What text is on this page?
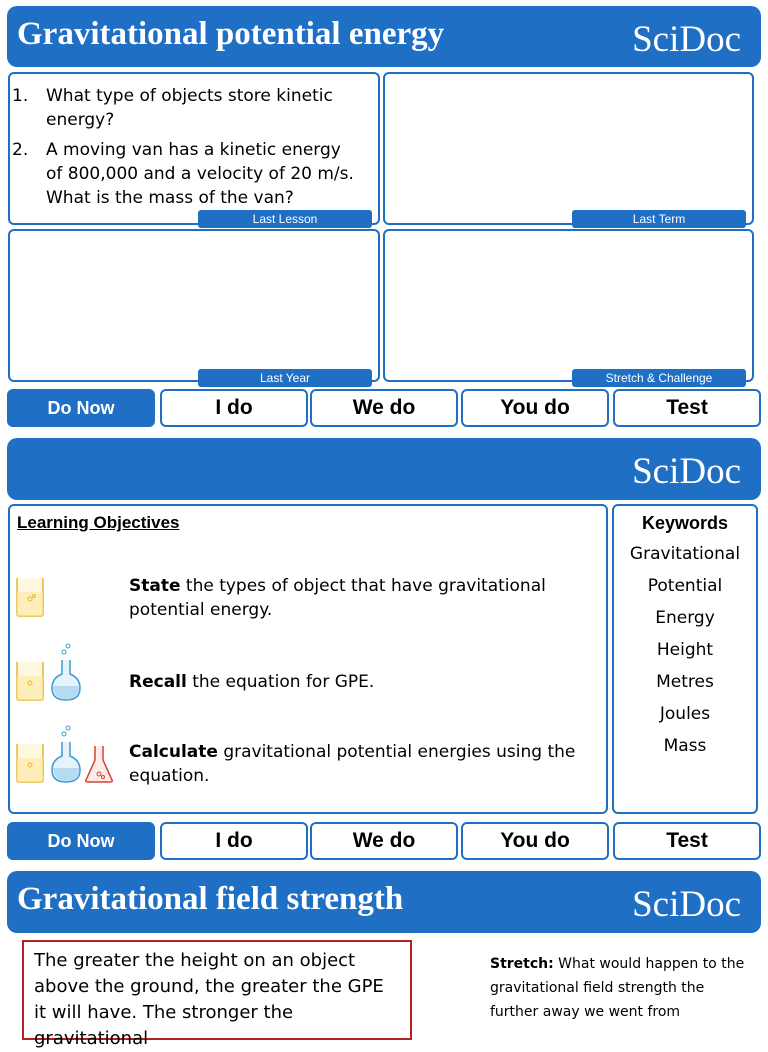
Gravitational potential energy	SciDoc
1. What type of objects store kinetic energy?
2. A moving van has a kinetic energy of 800,000 and a velocity of 20 m/s. What is the mass of the van?
Last Lesson	Last Term
Last Year	Stretch & Challenge
Do Now	I do	We do	You do	Test
SciDoc
Learning Objectives
State the types of object that have gravitational potential energy.
Recall the equation for GPE.
Calculate gravitational potential energies using the equation.
Keywords
Gravitational
Potential
Energy
Height
Metres
Joules
Mass
Do Now	I do	We do	You do	Test
Gravitational field strength	SciDoc
The greater the height on an object above the ground, the greater the GPE it will have. The stronger the gravitational
Stretch: What would happen to the gravitational field strength the further away we went from
